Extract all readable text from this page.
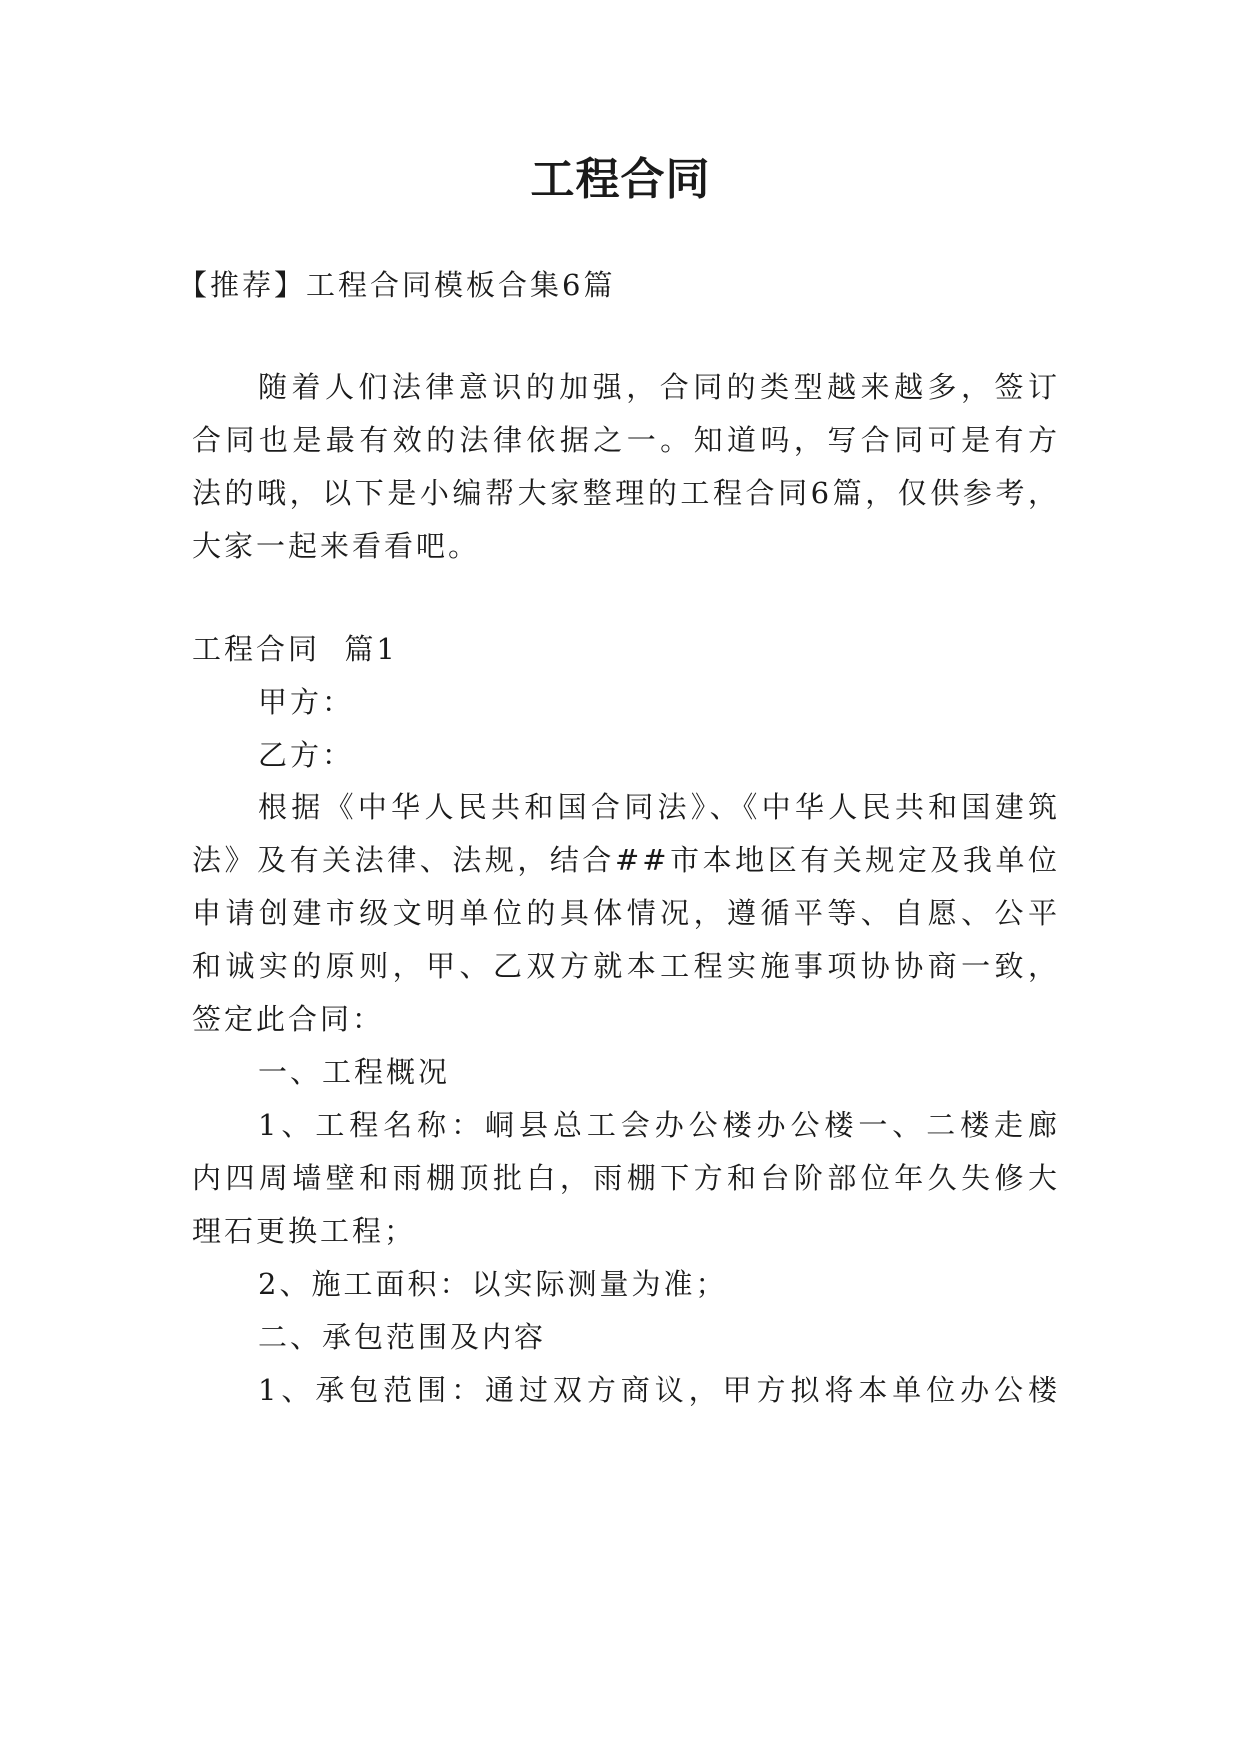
工程合同
【推荐】工程合同模板合集6篇
随着人们法律意识的加强，合同的类型越来越多，签订
合同也是最有效的法律依据之一。知道吗，写合同可是有方
法的哦，以下是小编帮大家整理的工程合同6篇，仅供参考，
大家一起来看看吧。
工程合同  篇1
甲方：
乙方：
根据《中华人民共和国合同法》、《中华人民共和国建筑
法》及有关法律、法规，结合##市本地区有关规定及我单位
申请创建市级文明单位的具体情况，遵循平等、自愿、公平
和诚实的原则，甲、乙双方就本工程实施事项协协商一致，
签定此合同：
一、工程概况
1、工程名称：峒县总工会办公楼办公楼一、二楼走廊
内四周墙壁和雨棚顶批白，雨棚下方和台阶部位年久失修大
理石更换工程；
2、施工面积：以实际测量为准；
二、承包范围及内容
1、承包范围：通过双方商议，甲方拟将本单位办公楼
